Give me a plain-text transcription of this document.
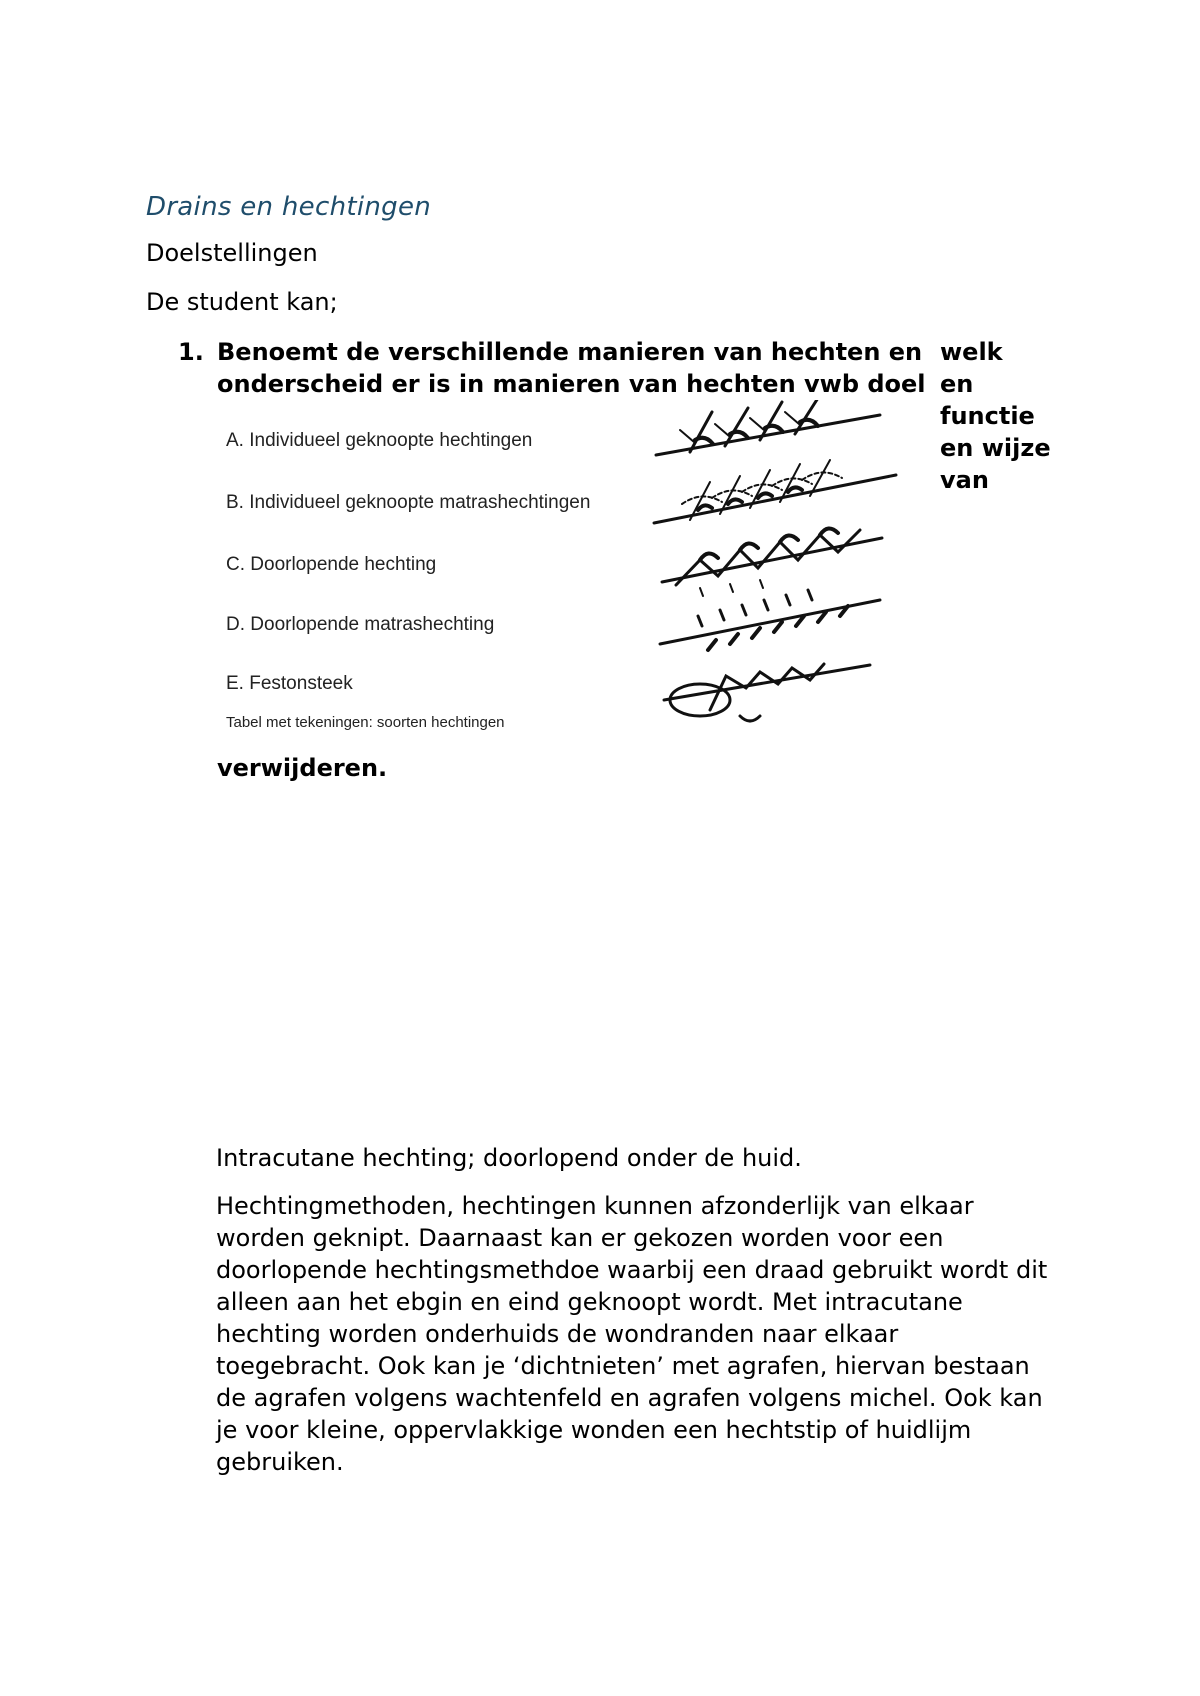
Drains en hechtingen
Doelstellingen
De student kan;
1. Benoemt de verschillende manieren van hechten en
onderscheid er is in manieren van hechten vwb doel
welk
en
functie
en wijze
van
A. Individueel geknoopte hechtingen
B. Individueel geknoopte matrashechtingen
C. Doorlopende hechting
D. Doorlopende matrashechting
E. Festonsteek
Tabel met tekeningen: soorten hechtingen
verwijderen.
Intracutane hechting; doorlopend onder de huid.
Hechtingmethoden, hechtingen kunnen afzonderlijk van elkaar
worden geknipt. Daarnaast kan er gekozen worden voor een
doorlopende hechtingsmethdoe waarbij een draad gebruikt wordt dit
alleen aan het ebgin en eind geknoopt wordt. Met intracutane
hechting worden onderhuids de wondranden naar elkaar
toegebracht. Ook kan je ‘dichtnieten’ met agrafen, hiervan bestaan
de agrafen volgens wachtenfeld en agrafen volgens michel. Ook kan
je voor kleine, oppervlakkige wonden een hechtstip of huidlijm
gebruiken.
